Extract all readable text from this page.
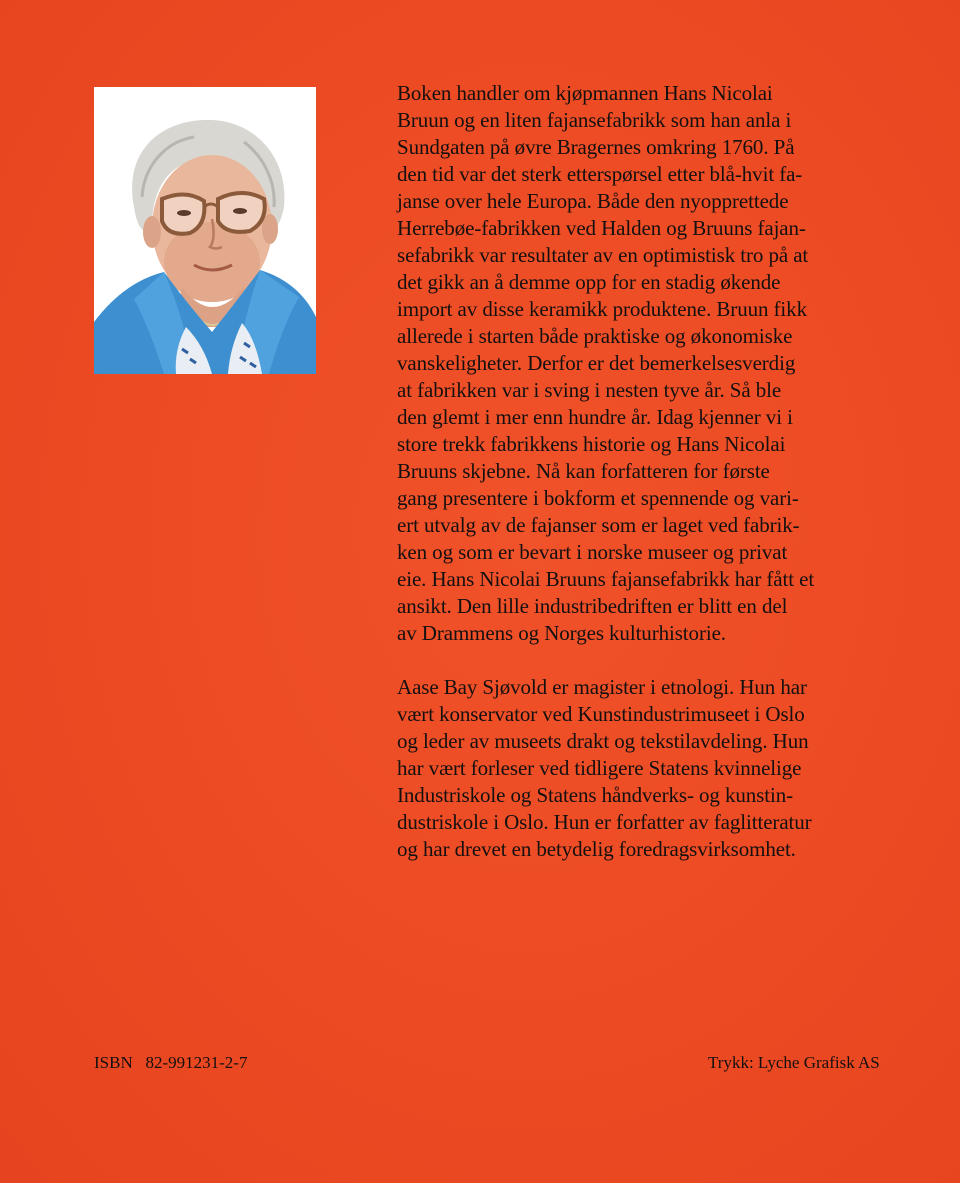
Boken handler om kjøpmannen Hans Nicolai
Bruun og en liten fajansefabrikk som han anla i
Sundgaten på øvre Bragernes omkring 1760. På
den tid var det sterk etterspørsel etter blå-hvit fa-
janse over hele Europa. Både den nyopprettede
Herrebøe-fabrikken ved Halden og Bruuns fajan-
sefabrikk var resultater av en optimistisk tro på at
det gikk an å demme opp for en stadig økende
import av disse keramikk produktene. Bruun fikk
allerede i starten både praktiske og økonomiske
vanskeligheter. Derfor er det bemerkelsesverdig
at fabrikken var i sving i nesten tyve år. Så ble
den glemt i mer enn hundre år. Idag kjenner vi i
store trekk fabrikkens historie og Hans Nicolai
Bruuns skjebne. Nå kan forfatteren for første
gang presentere i bokform et spennende og vari-
ert utvalg av de fajanser som er laget ved fabrik-
ken og som er bevart i norske museer og privat
eie. Hans Nicolai Bruuns fajansefabrikk har fått et
ansikt. Den lille industribedriften er blitt en del
av Drammens og Norges kulturhistorie.

Aase Bay Sjøvold er magister i etnologi. Hun har
vært konservator ved Kunstindustrimuseet i Oslo
og leder av museets drakt og tekstilavdeling. Hun
har vært forleser ved tidligere Statens kvinnelige
Industriskole og Statens håndverks- og kunstin-
dustriskole i Oslo. Hun er forfatter av faglitteratur
og har drevet en betydelig foredragsvirksomhet.

ISBN   82-991231-2-7	Trykk: Lyche Grafisk AS
